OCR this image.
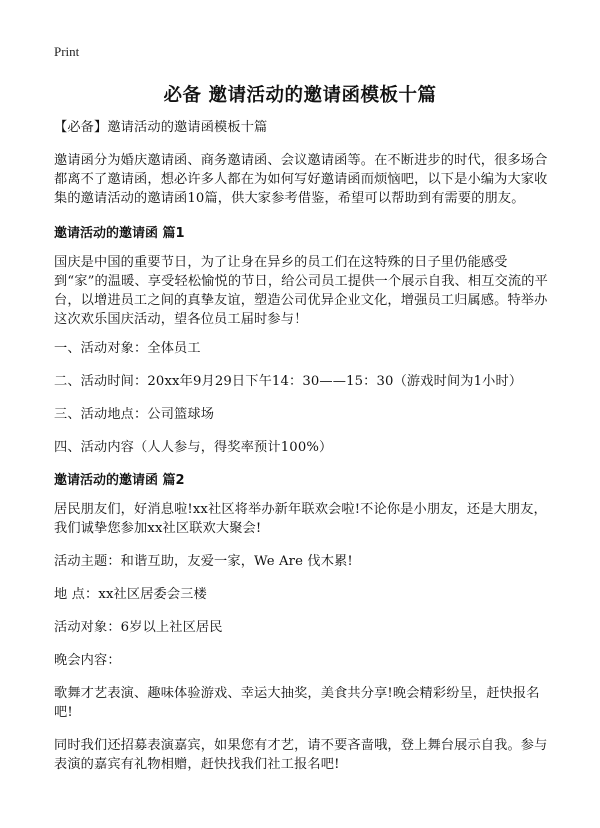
Print
必备 邀请活动的邀请函模板十篇

【必备】邀请活动的邀请函模板十篇

邀请函分为婚庆邀请函、商务邀请函、会议邀请函等。在不断进步的时代，很多场合都离不了邀请函，想必许多人都在为如何写好邀请函而烦恼吧，以下是小编为大家收集的邀请活动的邀请函10篇，供大家参考借鉴，希望可以帮助到有需要的朋友。

邀请活动的邀请函 篇1

国庆是中国的重要节日，为了让身在异乡的员工们在这特殊的日子里仍能感受到“家”的温暖、享受轻松愉悦的节日，给公司员工提供一个展示自我、相互交流的平台，以增进员工之间的真挚友谊，塑造公司优异企业文化，增强员工归属感。特举办这次欢乐国庆活动，望各位员工届时参与！

一、活动对象：全体员工

二、活动时间：20xx年9月29日下午14：30——15：30（游戏时间为1小时）

三、活动地点：公司篮球场

四、活动内容（人人参与，得奖率预计100%）

邀请活动的邀请函 篇2

居民朋友们，好消息啦!xx社区将举办新年联欢会啦!不论你是小朋友，还是大朋友，我们诚挚您参加xx社区联欢大聚会!

活动主题：和谐互助，友爱一家，We Are 伐木累!

地 点：xx社区居委会三楼

活动对象：6岁以上社区居民

晚会内容：

歌舞才艺表演、趣味体验游戏、幸运大抽奖，美食共分享!晚会精彩纷呈，赶快报名吧!

同时我们还招募表演嘉宾，如果您有才艺，请不要吝啬哦，登上舞台展示自我。参与表演的嘉宾有礼物相赠，赶快找我们社工报名吧!
